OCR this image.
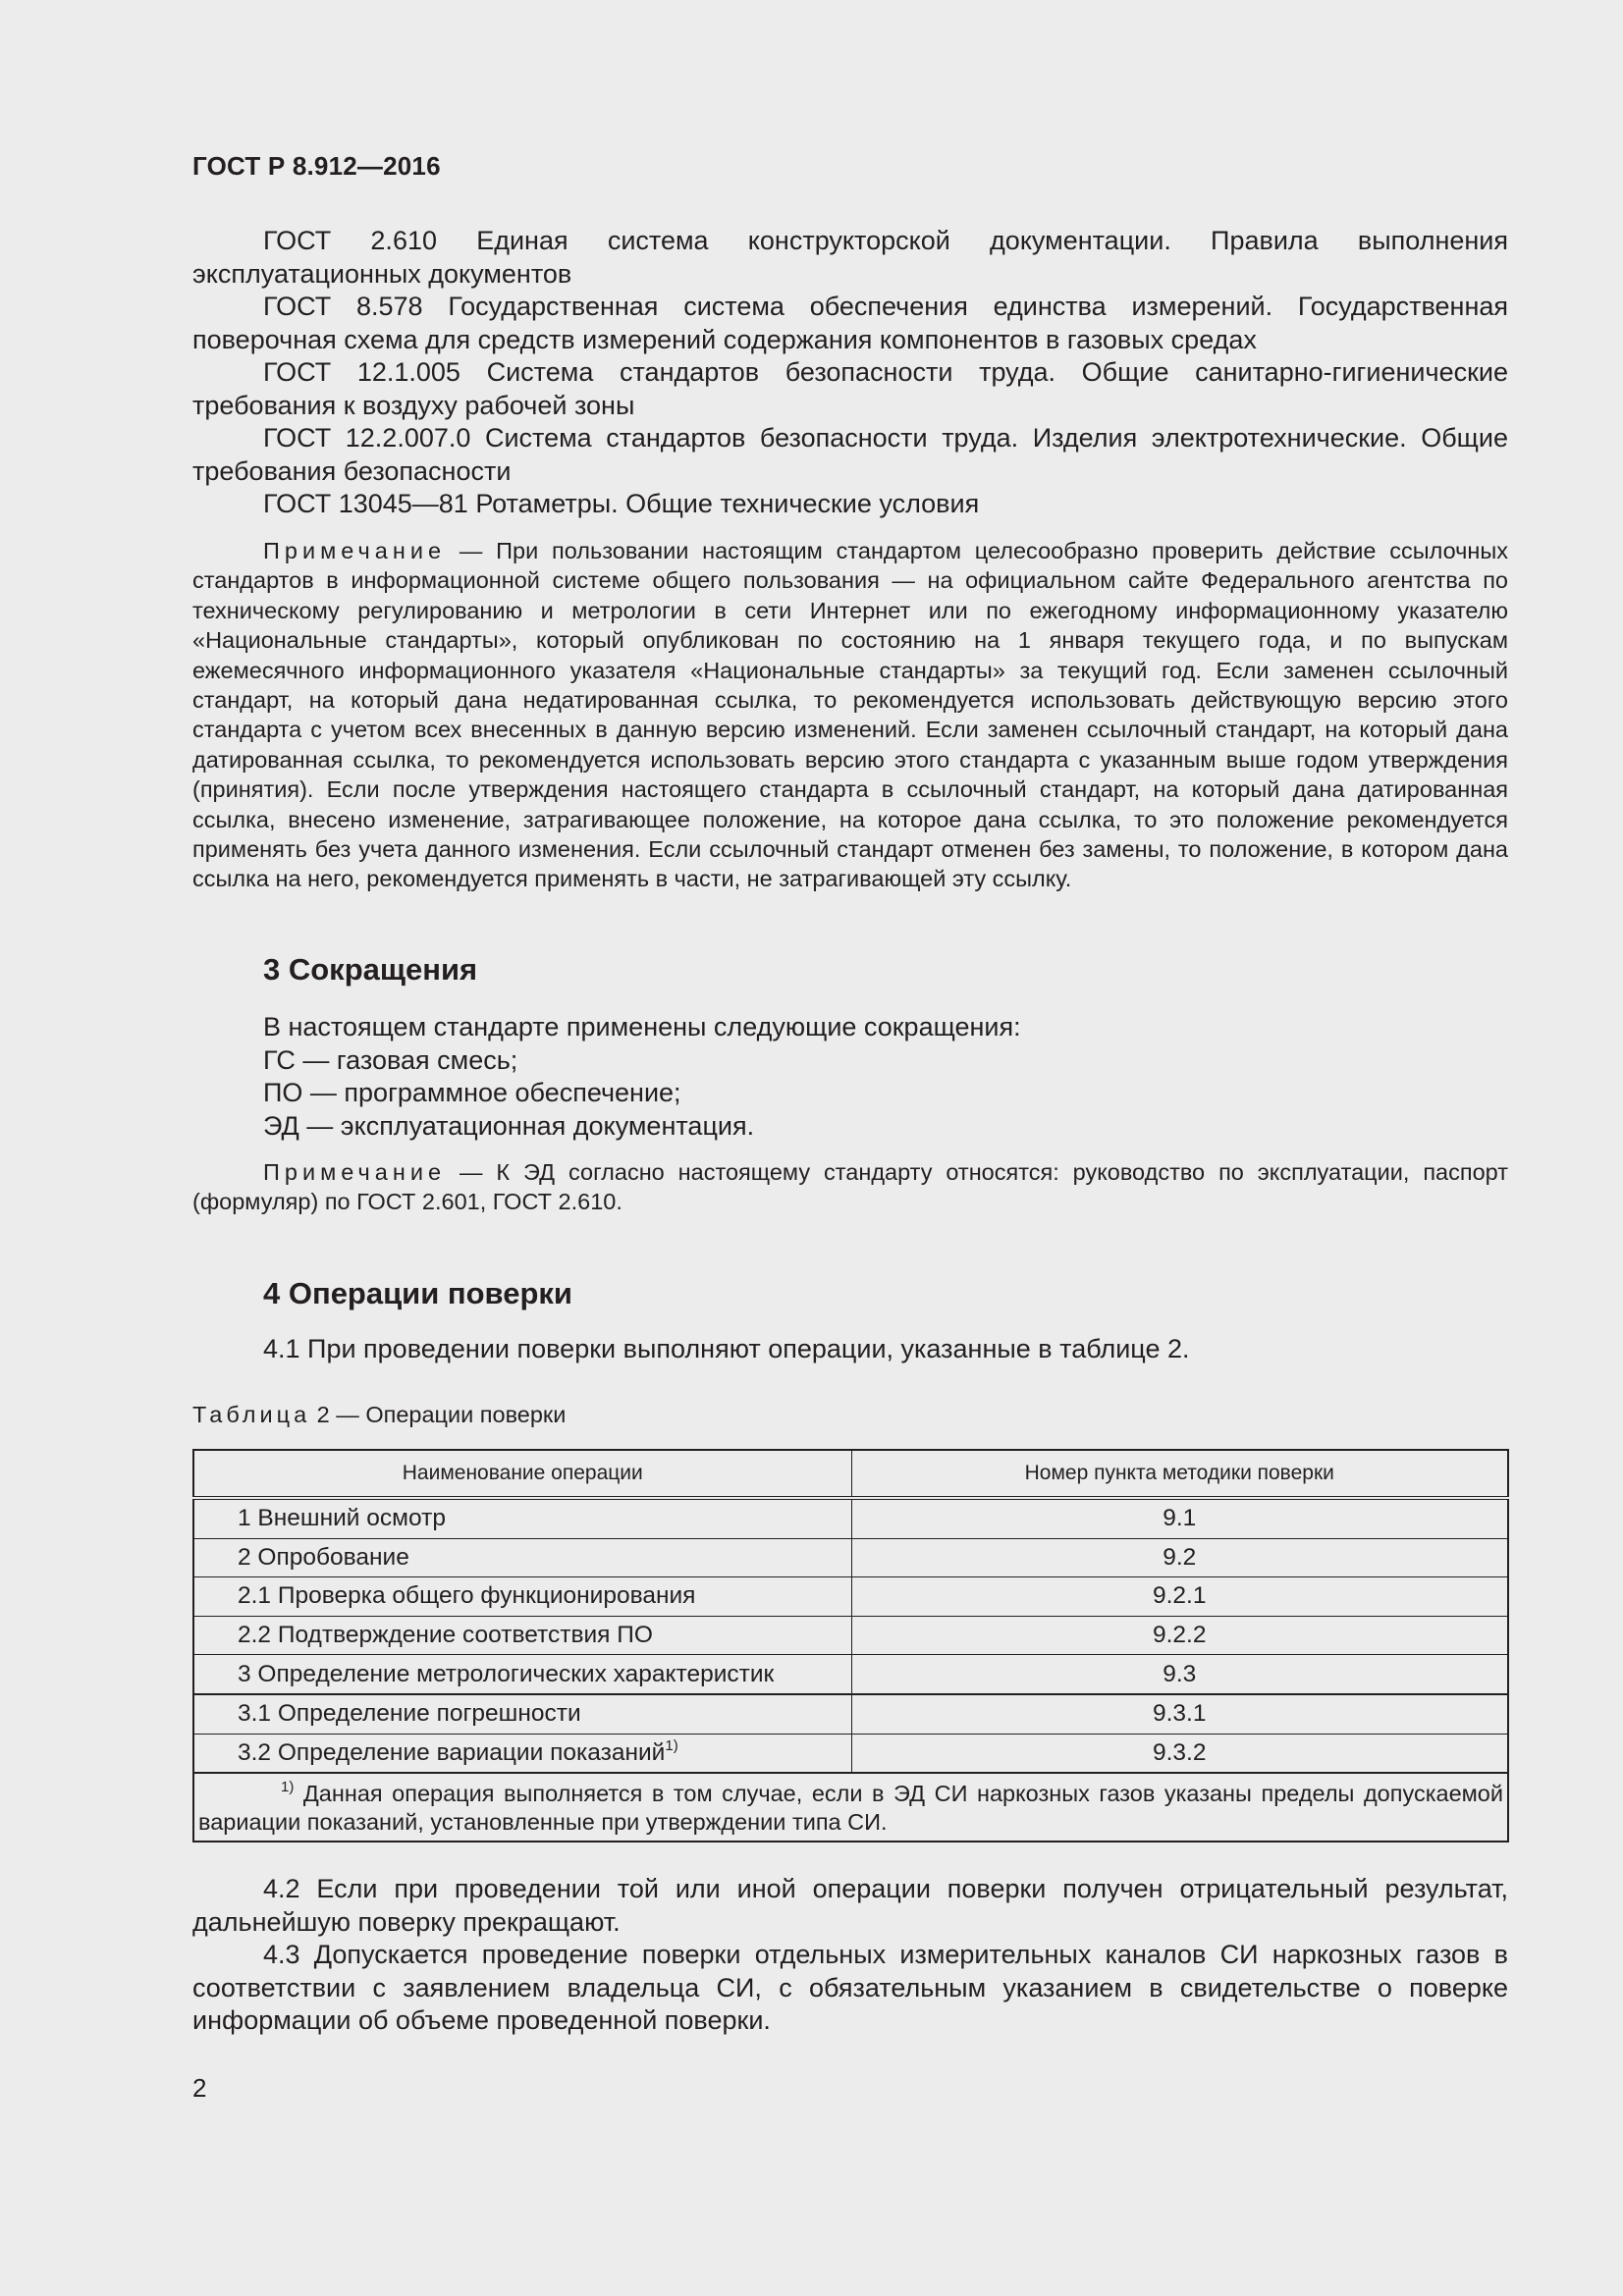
ГОСТ Р 8.912—2016

ГОСТ 2.610 Единая система конструкторской документации. Правила выполнения эксплуатационных документов

ГОСТ 8.578 Государственная система обеспечения единства измерений. Государственная поверочная схема для средств измерений содержания компонентов в газовых средах

ГОСТ 12.1.005 Система стандартов безопасности труда. Общие санитарно-гигиенические требования к воздуху рабочей зоны

ГОСТ 12.2.007.0 Система стандартов безопасности труда. Изделия электротехнические. Общие требования безопасности

ГОСТ 13045—81 Ротаметры. Общие технические условия

Примечание — При пользовании настоящим стандартом целесообразно проверить действие ссылочных стандартов в информационной системе общего пользования — на официальном сайте Федерального агентства по техническому регулированию и метрологии в сети Интернет или по ежегодному информационному указателю «Национальные стандарты», который опубликован по состоянию на 1 января текущего года, и по выпускам ежемесячного информационного указателя «Национальные стандарты» за текущий год. Если заменен ссылочный стандарт, на который дана недатированная ссылка, то рекомендуется использовать действующую версию этого стандарта с учетом всех внесенных в данную версию изменений. Если заменен ссылочный стандарт, на который дана датированная ссылка, то рекомендуется использовать версию этого стандарта с указанным выше годом утверждения (принятия). Если после утверждения настоящего стандарта в ссылочный стандарт, на который дана датированная ссылка, внесено изменение, затрагивающее положение, на которое дана ссылка, то это положение рекомендуется применять без учета данного изменения. Если ссылочный стандарт отменен без замены, то положение, в котором дана ссылка на него, рекомендуется применять в части, не затрагивающей эту ссылку.

3 Сокращения

В настоящем стандарте применены следующие сокращения:

ГС — газовая смесь;

ПО — программное обеспечение;

ЭД — эксплуатационная документация.

Примечание — К ЭД согласно настоящему стандарту относятся: руководство по эксплуатации, паспорт (формуляр) по ГОСТ 2.601, ГОСТ 2.610.

4 Операции поверки

4.1 При проведении поверки выполняют операции, указанные в таблице 2.

Таблица 2 — Операции поверки
Наименование операции	Номер пункта методики поверки
1 Внешний осмотр	9.1
2 Опробование	9.2
2.1 Проверка общего функционирования	9.2.1
2.2 Подтверждение соответствия ПО	9.2.2
3 Определение метрологических характеристик	9.3
3.1 Определение погрешности	9.3.1
3.2 Определение вариации показаний$^{1)}$	9.3.2
$^{1)}$ Данная операция выполняется в том случае, если в ЭД СИ наркозных газов указаны пределы допускаемой вариации показаний, установленные при утверждении типа СИ.	

4.2 Если при проведении той или иной операции поверки получен отрицательный результат, дальнейшую поверку прекращают.

4.3 Допускается проведение поверки отдельных измерительных каналов СИ наркозных газов в соответствии с заявлением владельца СИ, с обязательным указанием в свидетельстве о поверке информации об объеме проведенной поверки.

2
